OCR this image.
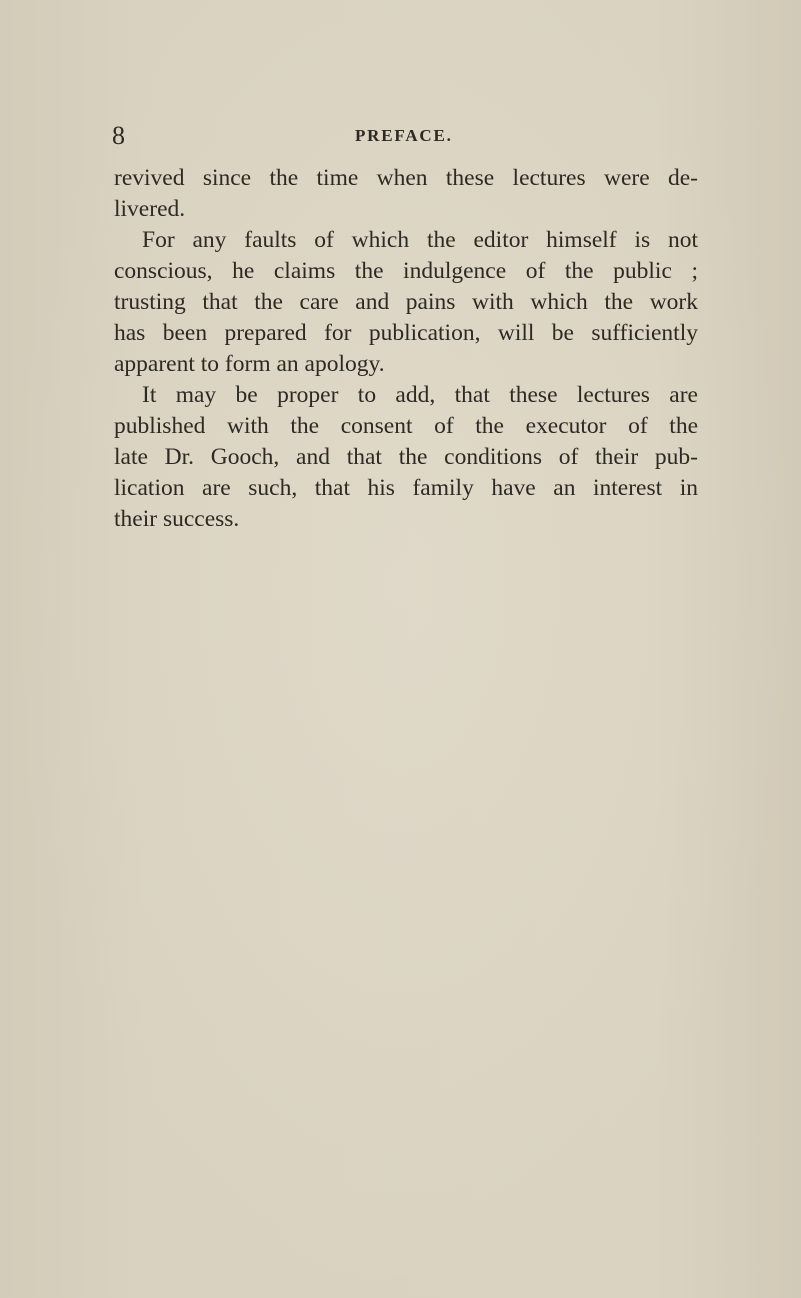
8	PREFACE.
revived since the time when these lectures were de-
livered.
For any faults of which the editor himself is not
conscious, he claims the indulgence of the public ;
trusting that the care and pains with which the work
has been prepared for publication, will be sufficiently
apparent to form an apology.
It may be proper to add, that these lectures are
published with the consent of the executor of the
late Dr. Gooch, and that the conditions of their pub-
lication are such, that his family have an interest in
their success.
